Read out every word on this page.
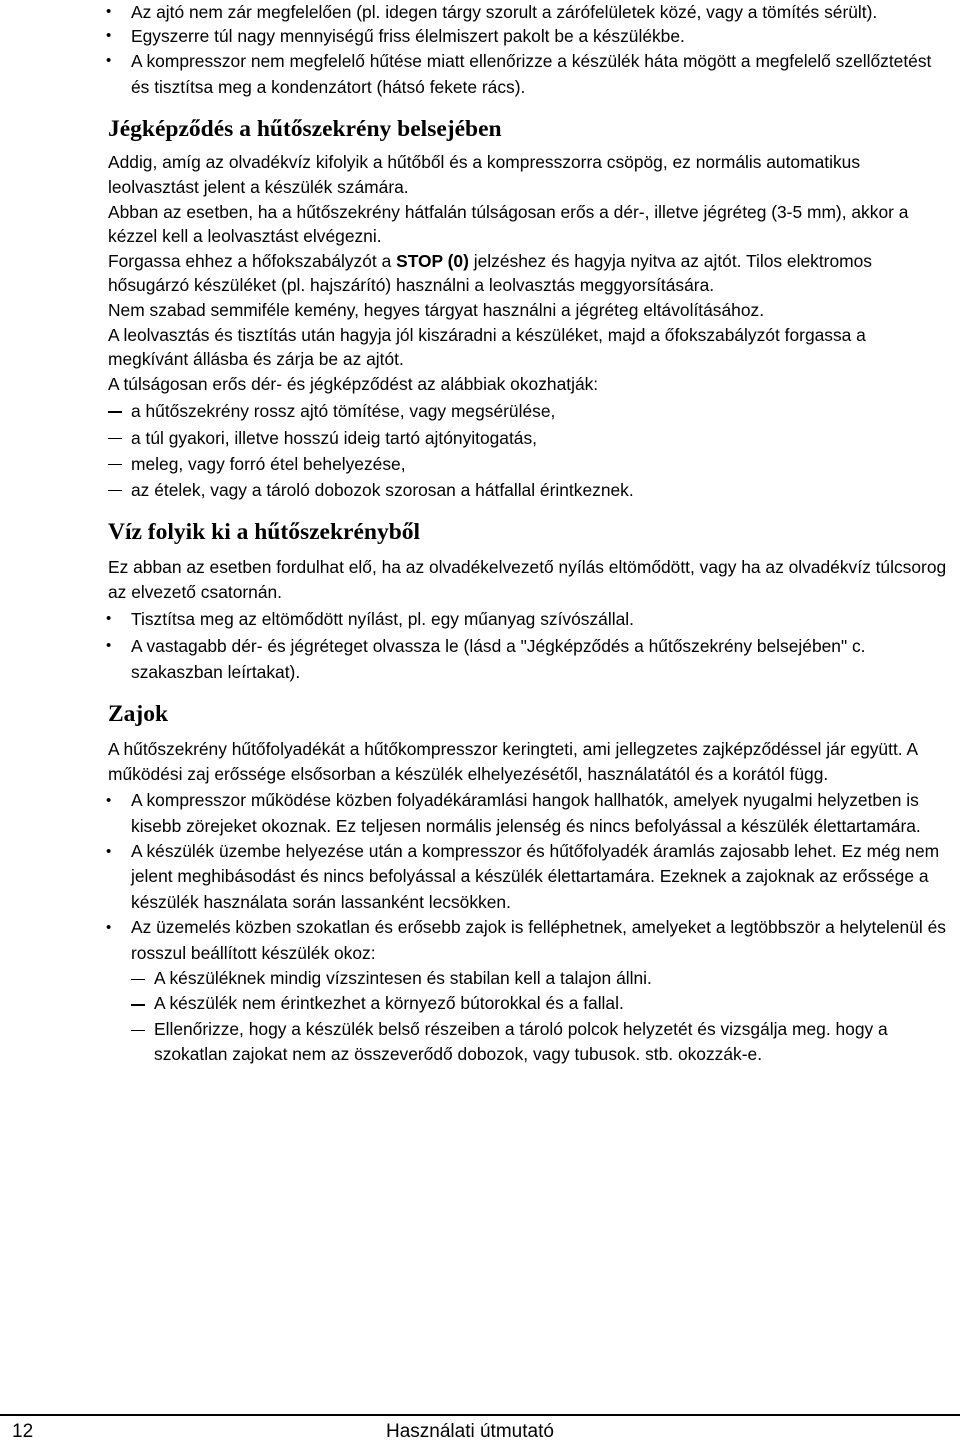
• Az ajtó nem zár megfelelően (pl. idegen tárgy szorult a zárófelületek közé, vagy a tömítés sérült).
• Egyszerre túl nagy mennyiségű friss élelmiszert pakolt be a készülékbe.
• A kompresszor nem megfelelő hűtése miatt ellenőrizze a készülék háta mögött a megfelelő szellőztetést és tisztítsa meg a kondenzátort (hátsó fekete rács).
Jégképződés a hűtőszekrény belsejében

Addig, amíg az olvadékvíz kifolyik a hűtőből és a kompresszorra csöpög, ez normális automatikus leolvasztást jelent a készülék számára.

Abban az esetben, ha a hűtőszekrény hátfalán túlságosan erős a dér-, illetve jégréteg (3-5 mm), akkor a kézzel kell a leolvasztást elvégezni.

Forgassa ehhez a hőfokszabályzót a STOP (0) jelzéshez és hagyja nyitva az ajtót. Tilos elektromos hősugárzó készüléket (pl. hajszárító) használni a leolvasztás meggyorsítására.

Nem szabad semmiféle kemény, hegyes tárgyat használni a jégréteg eltávolításához.

A leolvasztás és tisztítás után hagyja jól kiszáradni a készüléket, majd a őfokszabályzót forgassa a megkívánt állásba és zárja be az ajtót.

A túlságosan erős dér- és jégképződést az alábbiak okozhatják:

a hűtőszekrény rossz ajtó tömítése, vagy megsérülése,
a túl gyakori, illetve hosszú ideig tartó ajtónyitogatás,
meleg, vagy forró étel behelyezése,
az ételek, vagy a tároló dobozok szorosan a hátfallal érintkeznek.
Víz folyik ki a hűtőszekrényből

Ez abban az esetben fordulhat elő, ha az olvadékelvezető nyílás eltömődött, vagy ha az olvadékvíz túlcsorog az elvezető csatornán.

• Tisztítsa meg az eltömődött nyílást, pl. egy műanyag szívószállal.
• A vastagabb dér- és jégréteget olvassza le (lásd a "Jégképződés a hűtőszekrény belsejében" c. szakaszban leírtakat).
Zajok

A hűtőszekrény hűtőfolyadékát a hűtőkompresszor keringteti, ami jellegzetes zajképződéssel jár együtt. A működési zaj erőssége elsősorban a készülék elhelyezésétől, használatától és a korától függ.

• A kompresszor működése közben folyadékáramlási hangok hallhatók, amelyek nyugalmi helyzetben is kisebb zörejeket okoznak. Ez teljesen normális jelenség és nincs befolyással a készülék élettartamára.
• A készülék üzembe helyezése után a kompresszor és hűtőfolyadék áramlás zajosabb lehet. Ez még nem jelent meghibásodást és nincs befolyással a készülék élettartamára. Ezeknek a zajoknak az erőssége a készülék használata során lassanként lecsökken.
• Az üzemelés közben szokatlan és erősebb zajok is felléphetnek, amelyeket a legtöbbször a helytelenül és rosszul beállított készülék okoz:
A készüléknek mindig vízszintesen és stabilan kell a talajon állni.
A készülék nem érintkezhet a környező bútorokkal és a fallal.
Ellenőrizze, hogy a készülék belső részeiben a tároló polcok helyzetét és vizsgálja meg. hogy a szokatlan zajokat nem az összeverődő dobozok, vagy tubusok. stb. okozzák-e.
12	Használati útmutató
